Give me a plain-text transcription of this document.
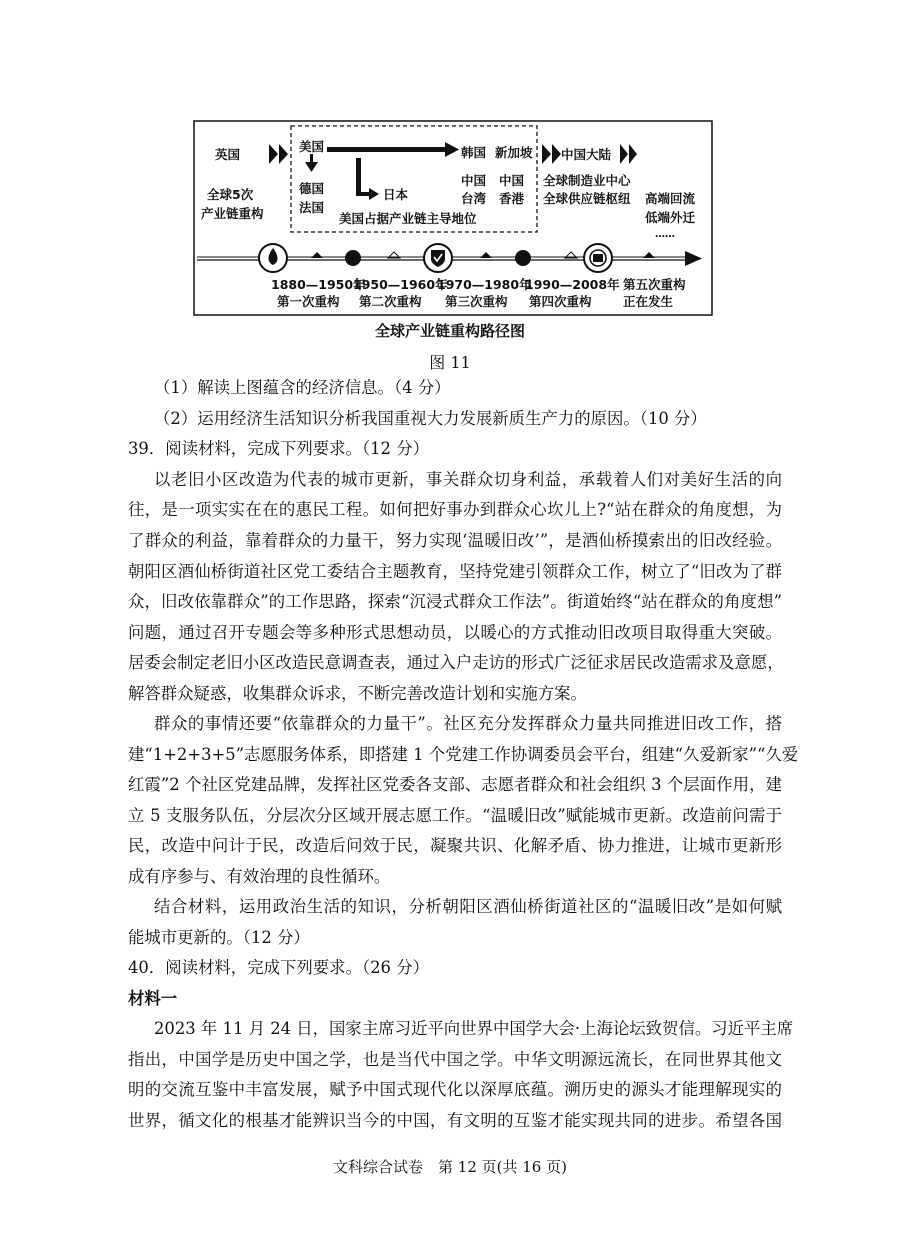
英国
美国
德国
法国
日本
韩国 新加坡
中国
台湾
中国
香港
中国大陆
全球制造业中心
全球供应链枢纽
美国占据产业链主导地位
全球5次
产业链重构
高端回流
低端外迁
……
1880—1950年
第一次重构
1950—1960年
第二次重构
1970—1980年
第三次重构
1990—2008年
第四次重构
第五次重构
正在发生
全球产业链重构路径图
图 11
（1）解读上图蕴含的经济信息。（4 分）
（2）运用经济生活知识分析我国重视大力发展新质生产力的原因。（10 分）
39．阅读材料，完成下列要求。（12 分）
以老旧小区改造为代表的城市更新，事关群众切身利益，承载着人们对美好生活的向
往，是一项实实在在的惠民工程。如何把好事办到群众心坎儿上?“站在群众的角度想，为
了群众的利益，靠着群众的力量干，努力实现‘温暖旧改’”，是酒仙桥摸索出的旧改经验。
朝阳区酒仙桥街道社区党工委结合主题教育，坚持党建引领群众工作，树立了“旧改为了群
众，旧改依靠群众”的工作思路，探索“沉浸式群众工作法”。街道始终“站在群众的角度想”
问题，通过召开专题会等多种形式思想动员，以暖心的方式推动旧改项目取得重大突破。
居委会制定老旧小区改造民意调查表，通过入户走访的形式广泛征求居民改造需求及意愿，
解答群众疑惑，收集群众诉求，不断完善改造计划和实施方案。
群众的事情还要“依靠群众的力量干”。社区充分发挥群众力量共同推进旧改工作，搭
建“1+2+3+5”志愿服务体系，即搭建 1 个党建工作协调委员会平台，组建“久爱新家”“久爱
红霞”2 个社区党建品牌，发挥社区党委各支部、志愿者群众和社会组织 3 个层面作用，建
立 5 支服务队伍，分层次分区域开展志愿工作。“温暖旧改”赋能城市更新。改造前问需于
民，改造中问计于民，改造后问效于民，凝聚共识、化解矛盾、协力推进，让城市更新形
成有序参与、有效治理的良性循环。
结合材料，运用政治生活的知识，分析朝阳区酒仙桥街道社区的“温暖旧改”是如何赋
能城市更新的。（12 分）
40．阅读材料，完成下列要求。（26 分）
材料一
2023 年 11 月 24 日，国家主席习近平向世界中国学大会·上海论坛致贺信。习近平主席
指出，中国学是历史中国之学，也是当代中国之学。中华文明源远流长，在同世界其他文
明的交流互鉴中丰富发展，赋予中国式现代化以深厚底蕴。溯历史的源头才能理解现实的
世界，循文化的根基才能辨识当今的中国，有文明的互鉴才能实现共同的进步。希望各国
文科综合试卷　第 12 页(共 16 页)
